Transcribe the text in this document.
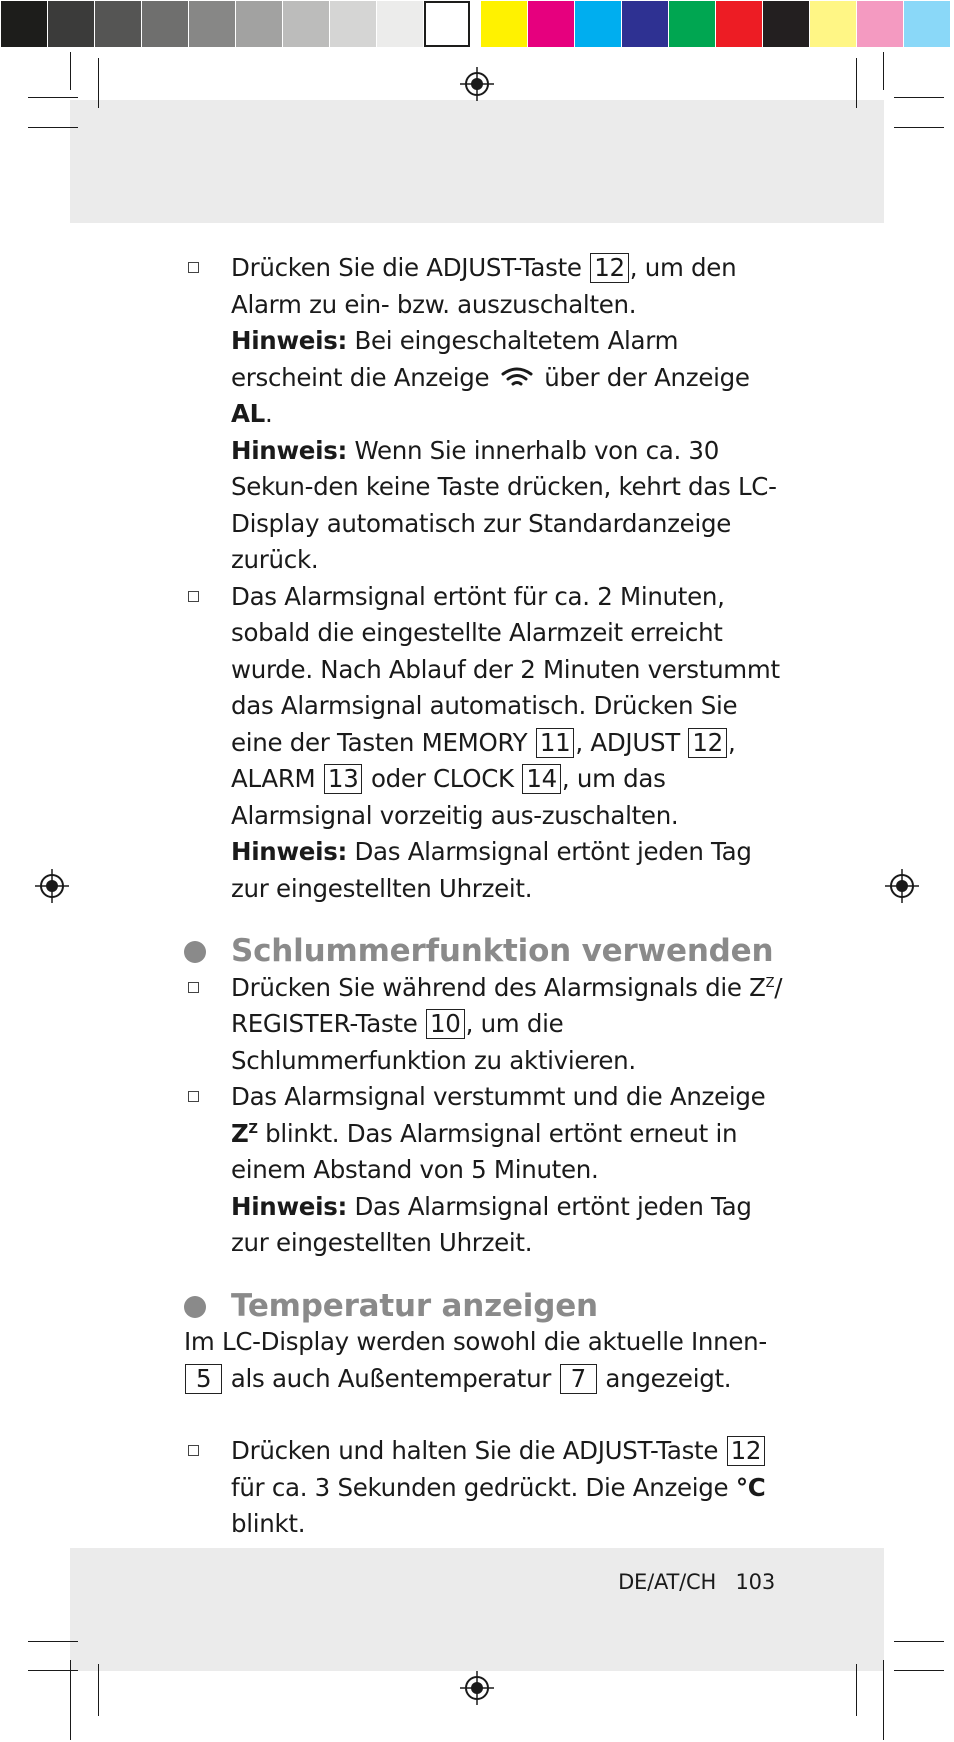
Drücken Sie die ADJUST-Taste 12 , um den Alarm zu ein- bzw. auszuschalten.

Hinweis: Bei eingeschaltetem Alarm erscheint die Anzeige über der Anzeige AL.

Hinweis: Wenn Sie innerhalb von ca. 30 Sekun-den keine Taste drücken, kehrt das LC-Display automatisch zur Standardanzeige zurück.

Das Alarmsignal ertönt für ca. 2 Minuten, sobald die eingestellte Alarmzeit erreicht wurde. Nach Ablauf der 2 Minuten verstummt das Alarmsignal automatisch. Drücken Sie eine der Tasten MEMORY 11 , ADJUST 12 , ALARM 13 oder CLOCK 14 , um das Alarmsignal vorzeitig aus-zuschalten.

Hinweis: Das Alarmsignal ertönt jeden Tag zur eingestellten Uhrzeit.

Schlummerfunktion verwenden

Drücken Sie während des Alarmsignals die $Z^Z/$ REGISTER-Taste 10 , um die Schlummerfunktion zu aktivieren.

Das Alarmsignal verstummt und die Anzeige $Z^Z$ blinkt. Das Alarmsignal ertönt erneut in einem Abstand von 5 Minuten.

Hinweis: Das Alarmsignal ertönt jeden Tag zur eingestellten Uhrzeit.

Temperatur anzeigen

Im LC-Display werden sowohl die aktuelle Innen- 5 als auch Außentemperatur 7 angezeigt.

Drücken und halten Sie die ADJUST-Taste 12 für ca. 3 Sekunden gedrückt. Die Anzeige °C blinkt.

DE/AT/CH 103
